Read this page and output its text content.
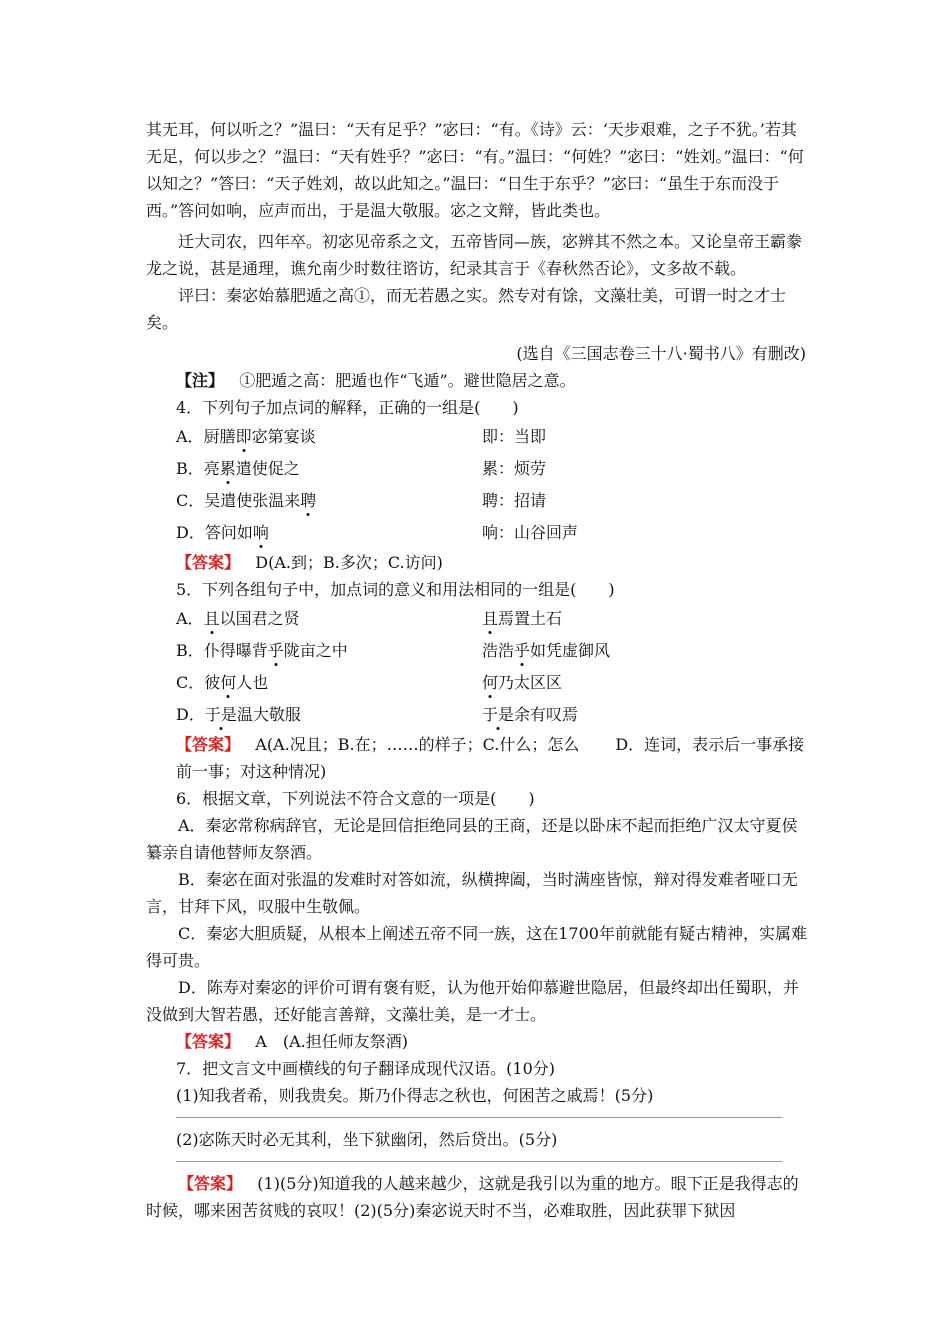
其无耳，何以听之？”温曰：“天有足乎？”宓曰：“有。《诗》云：‘天步艰难，之子不犹。’若其无足，何以步之？”温曰：“天有姓乎？”宓曰：“有。”温曰：“何姓？”宓曰：“姓刘。”温曰：“何以知之？”答曰：“天子姓刘，故以此知之。”温曰：“日生于东乎？”宓曰：“虽生于东而没于西。”答问如响，应声而出，于是温大敬服。宓之文辩，皆此类也。

迁大司农，四年卒。初宓见帝系之文，五帝皆同—族，宓辨其不然之本。又论皇帝王霸豢龙之说，甚是通理，谯允南少时数往谘访，纪录其言于《春秋然否论》，文多故不载。

评曰：秦宓始慕肥遁之高①，而无若愚之实。然专对有馀，文藻壮美，可谓一时之才士矣。

(选自《三国志卷三十八·蜀书八》有删改)

【注】 ①肥遁之高：肥遁也作“飞遁”。避世隐居之意。

4．下列句子加点词的解释，正确的一组是(　　)

A．厨膳即宓第宴谈	即：当即
B．亮累遣使促之	累：烦劳
C．吴遣使张温来聘	聘：招请
D．答问如响	响：山谷回声

【答案】 D(A.到；B.多次；C.访问)

5．下列各组句子中，加点词的意义和用法相同的一组是(　　)

A．且以国君之贤	且焉置土石
B．仆得曝背乎陇亩之中	浩浩乎如凭虚御风
C．彼何人也	何乃太区区
D．于是温大敬服	于是余有叹焉

【答案】 A(A.况且；B.在；……的样子；C.什么；怎么 D．连词，表示后一事承接前一事；对这种情况)

6．根据文章，下列说法不符合文意的一项是(　　)

A．秦宓常称病辞官，无论是回信拒绝同县的王商，还是以卧床不起而拒绝广汉太守夏侯纂亲自请他替师友祭酒。

B．秦宓在面对张温的发难时对答如流，纵横捭阖，当时满座皆惊，辩对得发难者哑口无言，甘拜下风，叹服中生敬佩。

C．秦宓大胆质疑，从根本上阐述五帝不同一族，这在1700年前就能有疑古精神，实属难得可贵。

D．陈寿对秦宓的评价可谓有褒有贬，认为他开始仰慕避世隐居，但最终却出任蜀职，并没做到大智若愚，还好能言善辩，文藻壮美，是一才士。

【答案】 A　(A.担任师友祭酒)

7．把文言文中画横线的句子翻译成现代汉语。(10分)

(1)知我者希，则我贵矣。斯乃仆得志之秋也，何困苦之戚焉！(5分)

(2)宓陈天时必无其利，坐下狱幽闭，然后贷出。(5分)

【答案】 (1)(5分)知道我的人越来越少，这就是我引以为重的地方。眼下正是我得志的时候，哪来困苦贫贱的哀叹！(2)(5分)秦宓说天时不当，必难取胜，因此获罪下狱因
